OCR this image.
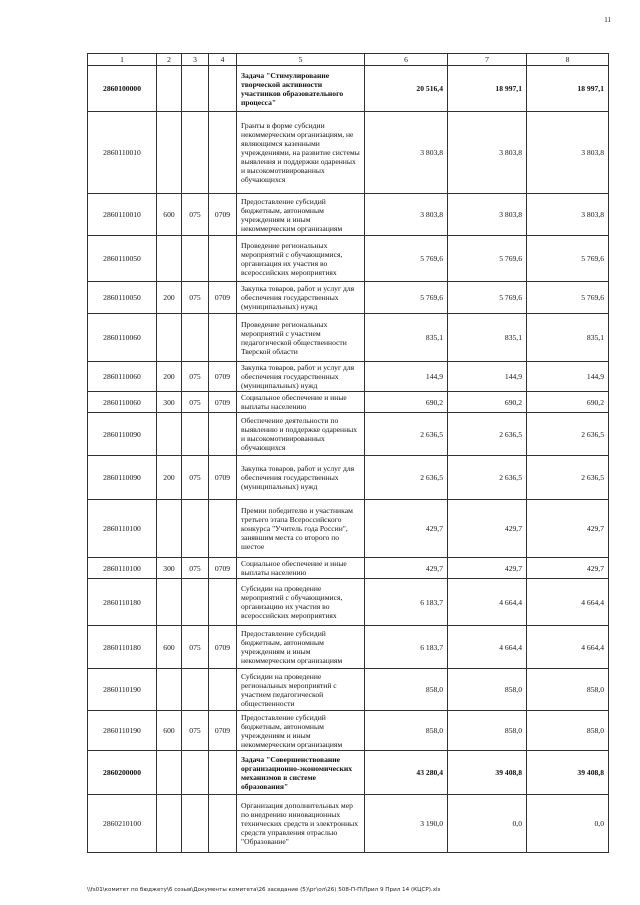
11
1	2	3	4	5	6	7	8
2860100000				Задача "Стимулирование творческой активности участников образовательного процесса"	20 516,4	18 997,1	18 997,1
2860110010				Гранты в форме субсидии некоммерческим организациям, не являющимся казенными учреждениями, на развитие системы выявления и поддержки одаренных и высокомотивированных обучающихся	3 803,8	3 803,8	3 803,8
2860110010	600	075	0709	Предоставление субсидий бюджетным, автономным учреждениям и иным некоммерческим организациям	3 803,8	3 803,8	3 803,8
2860110050				Проведение региональных мероприятий с обучающимися, организация их участия во всероссийских мероприятиях	5 769,6	5 769,6	5 769,6
2860110050	200	075	0709	Закупка товаров, работ и услуг для обеспечения государственных (муниципальных) нужд	5 769,6	5 769,6	5 769,6
2860110060				Проведение региональных мероприятий с участием педагогической общественности Тверской области	835,1	835,1	835,1
2860110060	200	075	0709	Закупка товаров, работ и услуг для обеспечения государственных (муниципальных) нужд	144,9	144,9	144,9
2860110060	300	075	0709	Социальное обеспечение и иные выплаты населению	690,2	690,2	690,2
2860110090				Обеспечение деятельности по выявлению и поддержке одаренных и высокомотивированных обучающихся	2 636,5	2 636,5	2 636,5
2860110090	200	075	0709	Закупка товаров, работ и услуг для обеспечения государственных (муниципальных) нужд	2 636,5	2 636,5	2 636,5
2860110100				Премии победителю и участникам третьего этапа Всероссийского конкурса "Учитель года России", занявшим места со второго по шестое	429,7	429,7	429,7
2860110100	300	075	0709	Социальное обеспечение и иные выплаты населению	429,7	429,7	429,7
2860110180				Субсидии на проведение мероприятий с обучающимися, организацию их участия во всероссийских мероприятиях	6 183,7	4 664,4	4 664,4
2860110180	600	075	0709	Предоставление субсидий бюджетным, автономным учреждениям и иным некоммерческим организациям	6 183,7	4 664,4	4 664,4
2860110190				Субсидии на проведение региональных мероприятий с участием педагогической общественности	858,0	858,0	858,0
2860110190	600	075	0709	Предоставление субсидий бюджетным, автономным учреждениям и иным некоммерческим организациям	858,0	858,0	858,0
2860200000				Задача "Совершенствование организационно-экономических механизмов в системе образования"	43 280,4	39 408,8	39 408,8
2860210100				Организация дополнительных мер по внедрению инновационных технических средств и электронных средств управления отраслью "Образование"	3 190,0	0,0	0,0
\\fs01\комитет по бюджету\6 созыв\Документы комитета\26 заседание (5)\рг\ол\26) 508-П-П\Прил 9 Прил 14 (КЦСР).xls
